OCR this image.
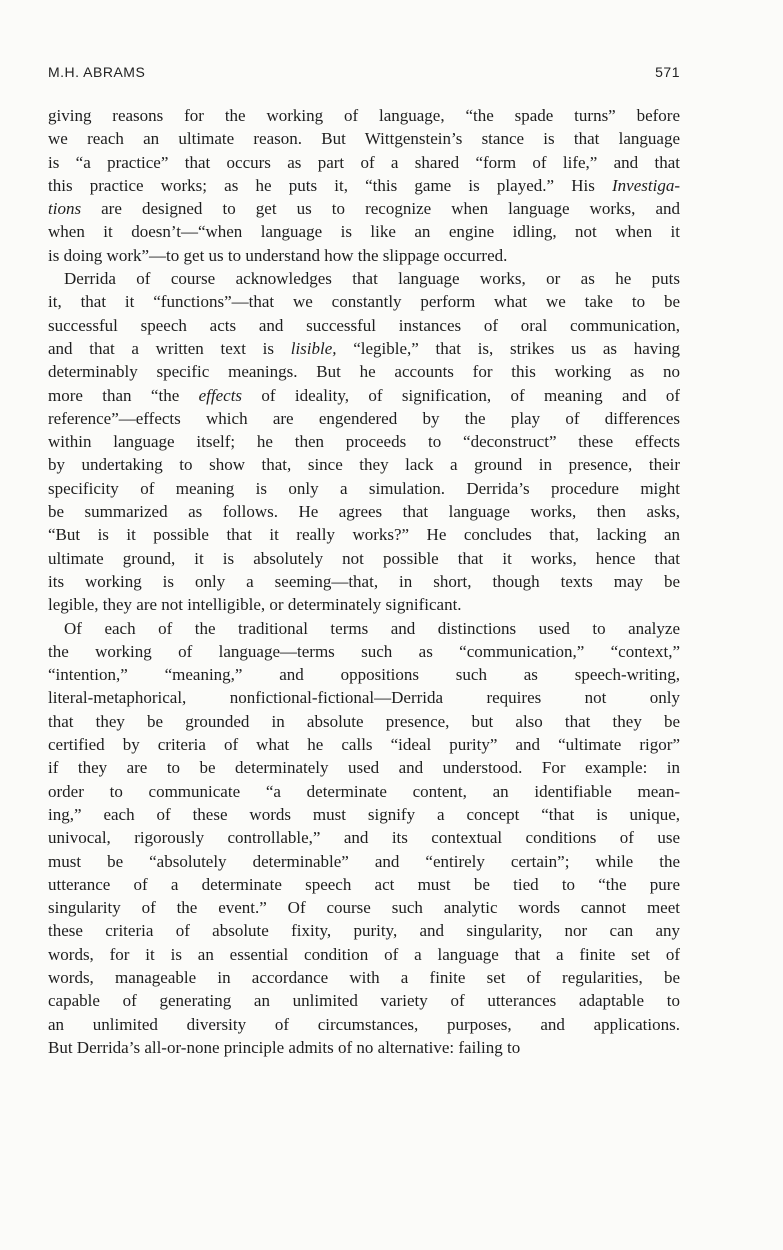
M.H. ABRAMS	571
giving reasons for the working of language, “the spade turns” before
we reach an ultimate reason. But Wittgenstein’s stance is that language
is “a practice” that occurs as part of a shared “form of life,” and that
this practice works; as he puts it, “this game is played.” His Investiga-
tions are designed to get us to recognize when language works, and
when it doesn’t—“when language is like an engine idling, not when it
is doing work”—to get us to understand how the slippage occurred.
Derrida of course acknowledges that language works, or as he puts
it, that it “functions”—that we constantly perform what we take to be
successful speech acts and successful instances of oral communication,
and that a written text is lisible, “legible,” that is, strikes us as having
determinably specific meanings. But he accounts for this working as no
more than “the effects of ideality, of signification, of meaning and of
reference”—effects which are engendered by the play of differences
within language itself; he then proceeds to “deconstruct” these effects
by undertaking to show that, since they lack a ground in presence, their
specificity of meaning is only a simulation. Derrida’s procedure might
be summarized as follows. He agrees that language works, then asks,
“But is it possible that it really works?” He concludes that, lacking an
ultimate ground, it is absolutely not possible that it works, hence that
its working is only a seeming—that, in short, though texts may be
legible, they are not intelligible, or determinately significant.
Of each of the traditional terms and distinctions used to analyze
the working of language—terms such as “communication,” “context,”
“intention,” “meaning,” and oppositions such as speech-writing,
literal-metaphorical, nonfictional-fictional—Derrida requires not only
that they be grounded in absolute presence, but also that they be
certified by criteria of what he calls “ideal purity” and “ultimate rigor”
if they are to be determinately used and understood. For example: in
order to communicate “a determinate content, an identifiable mean-
ing,” each of these words must signify a concept “that is unique,
univocal, rigorously controllable,” and its contextual conditions of use
must be “absolutely determinable” and “entirely certain”; while the
utterance of a determinate speech act must be tied to “the pure
singularity of the event.” Of course such analytic words cannot meet
these criteria of absolute fixity, purity, and singularity, nor can any
words, for it is an essential condition of a language that a finite set of
words, manageable in accordance with a finite set of regularities, be
capable of generating an unlimited variety of utterances adaptable to
an unlimited diversity of circumstances, purposes, and applications.
But Derrida’s all-or-none principle admits of no alternative: failing to
